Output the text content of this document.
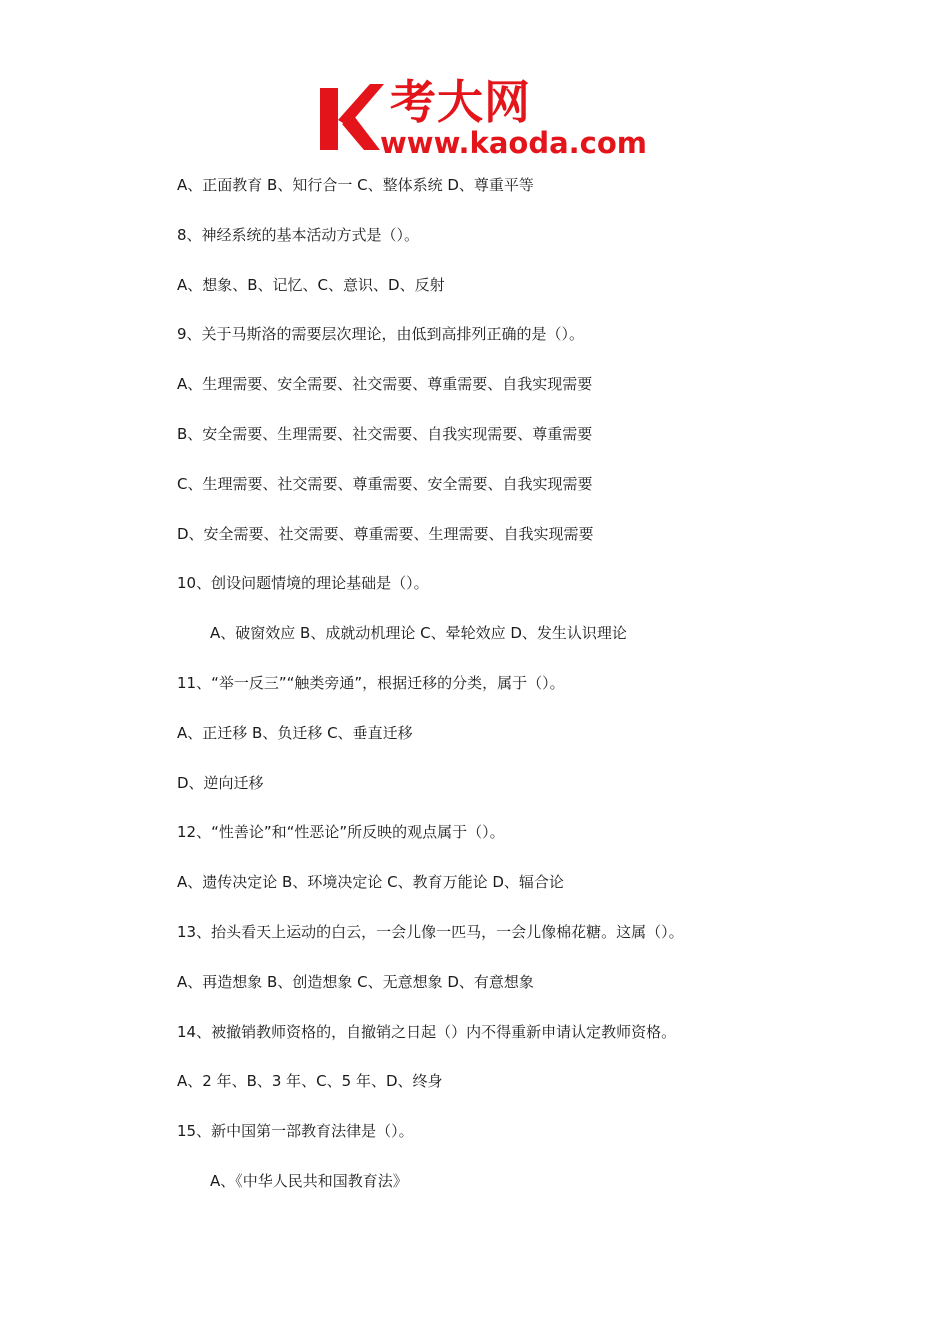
考大网
www.kaoda.com

A、正面教育 B、知行合一 C、整体系统 D、尊重平等

8、神经系统的基本活动方式是（）。

A、想象、B、记忆、C、意识、D、反射

9、关于马斯洛的需要层次理论，由低到高排列正确的是（）。

A、生理需要、安全需要、社交需要、尊重需要、自我实现需要

B、安全需要、生理需要、社交需要、自我实现需要、尊重需要

C、生理需要、社交需要、尊重需要、安全需要、自我实现需要

D、安全需要、社交需要、尊重需要、生理需要、自我实现需要

10、创设问题情境的理论基础是（）。

A、破窗效应 B、成就动机理论 C、晕轮效应 D、发生认识理论

11、“举一反三”“触类旁通”，根据迁移的分类，属于（）。

A、正迁移 B、负迁移 C、垂直迁移

D、逆向迁移

12、“性善论”和“性恶论”所反映的观点属于（）。

A、遗传决定论 B、环境决定论 C、教育万能论 D、辐合论

13、抬头看天上运动的白云，一会儿像一匹马，一会儿像棉花糖。这属（）。

A、再造想象 B、创造想象 C、无意想象 D、有意想象

14、被撤销教师资格的，自撤销之日起（）内不得重新申请认定教师资格。

A、2 年、B、3 年、C、5 年、D、终身

15、新中国第一部教育法律是（）。

A、《中华人民共和国教育法》
